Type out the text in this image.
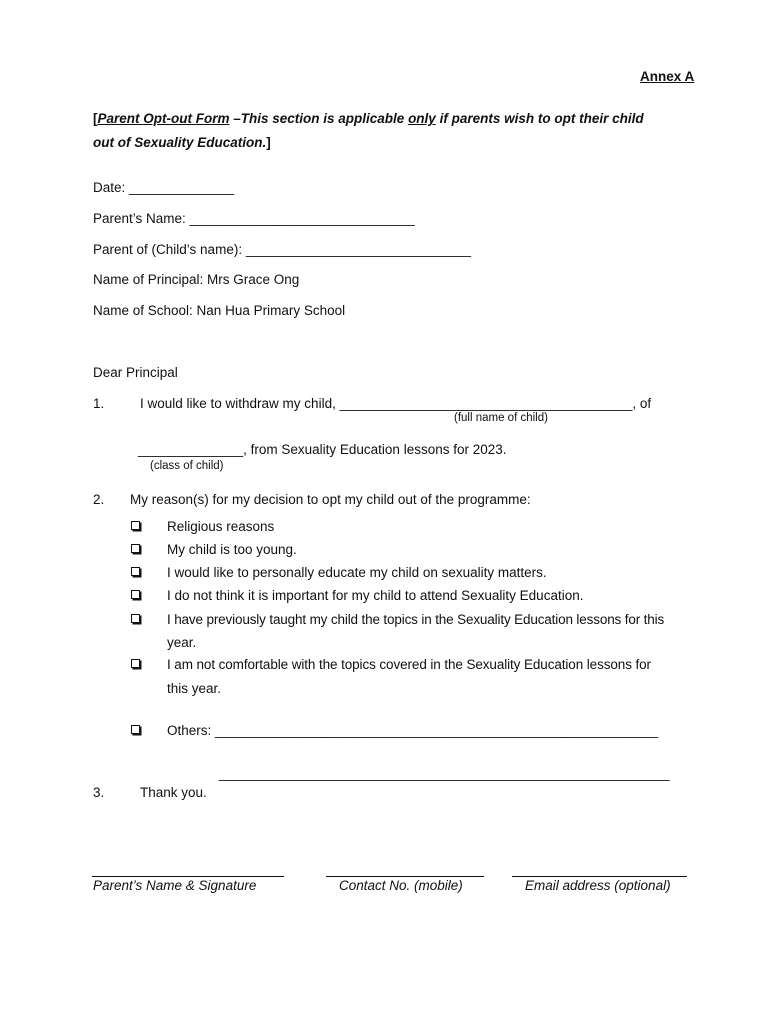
Annex A
[Parent Opt-out Form –This section is applicable only if parents wish to opt their child
out of Sexuality Education.]
Date: ______________
Parent’s Name: ______________________________
Parent of (Child’s name): ______________________________
Name of Principal: Mrs Grace Ong
Name of School: Nan Hua Primary School
Dear Principal
1.	I would like to withdraw my child, _______________________________________, of
(full name of child)
______________, from Sexuality Education lessons for 2023.
(class of child)
2. My reason(s) for my decision to opt my child out of the programme:
Religious reasons
My child is too young.
I would like to personally educate my child on sexuality matters.
I do not think it is important for my child to attend Sexuality Education.
I have previously taught my child the topics in the Sexuality Education lessons for this
year.
I am not comfortable with the topics covered in the Sexuality Education lessons for
this year.
Others: ___________________________________________________________
____________________________________________________________
3.	Thank you.
Parent’s Name & Signature	Contact No. (mobile)	Email address (optional)
